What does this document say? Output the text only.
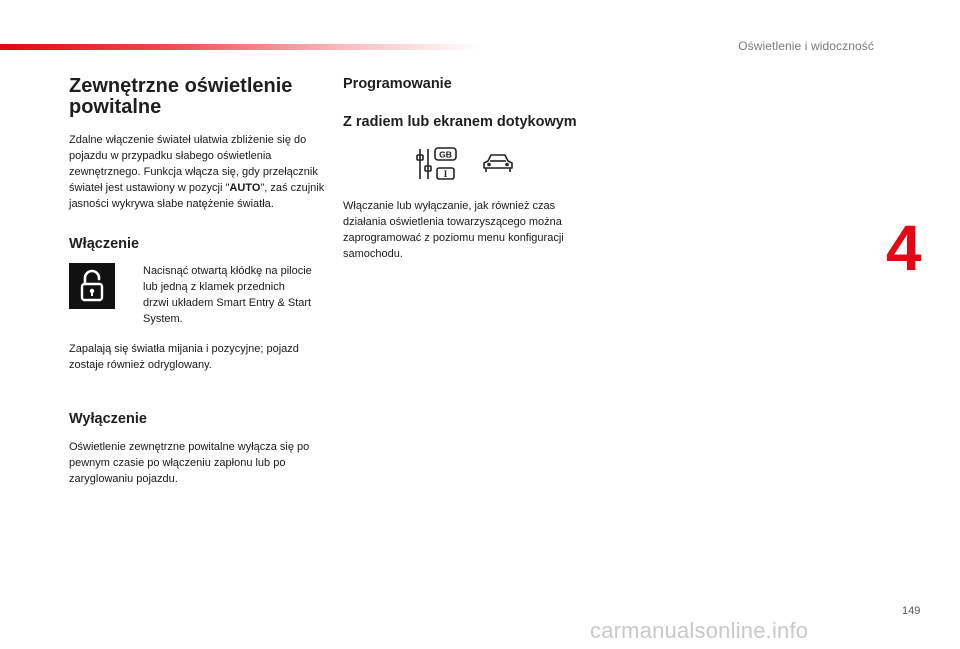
Oświetlenie i widoczność
4
Zewnętrzne oświetlenie powitalne

Zdalne włączenie świateł ułatwia zbliżenie się do pojazdu w przypadku słabego oświetlenia zewnętrznego. Funkcja włącza się, gdy przełącznik świateł jest ustawiony w pozycji "AUTO", zaś czujnik jasności wykrywa słabe natężenie światła.

Włączenie

Nacisnąć otwartą kłódkę na pilocie lub jedną z klamek przednich drzwi układem Smart Entry & Start System.

Zapalają się światła mijania i pozycyjne; pojazd zostaje również odryglowany.

Wyłączenie

Oświetlenie zewnętrzne powitalne wyłącza się po pewnym czasie po włączeniu zapłonu lub po zaryglowaniu pojazdu.

Programowanie
Z radiem lub ekranem dotykowym
GB
I

Włączanie lub wyłączanie, jak również czas działania oświetlenia towarzyszącego można zaprogramować z poziomu menu konfiguracji samochodu.

149
carmanualsonline.info
